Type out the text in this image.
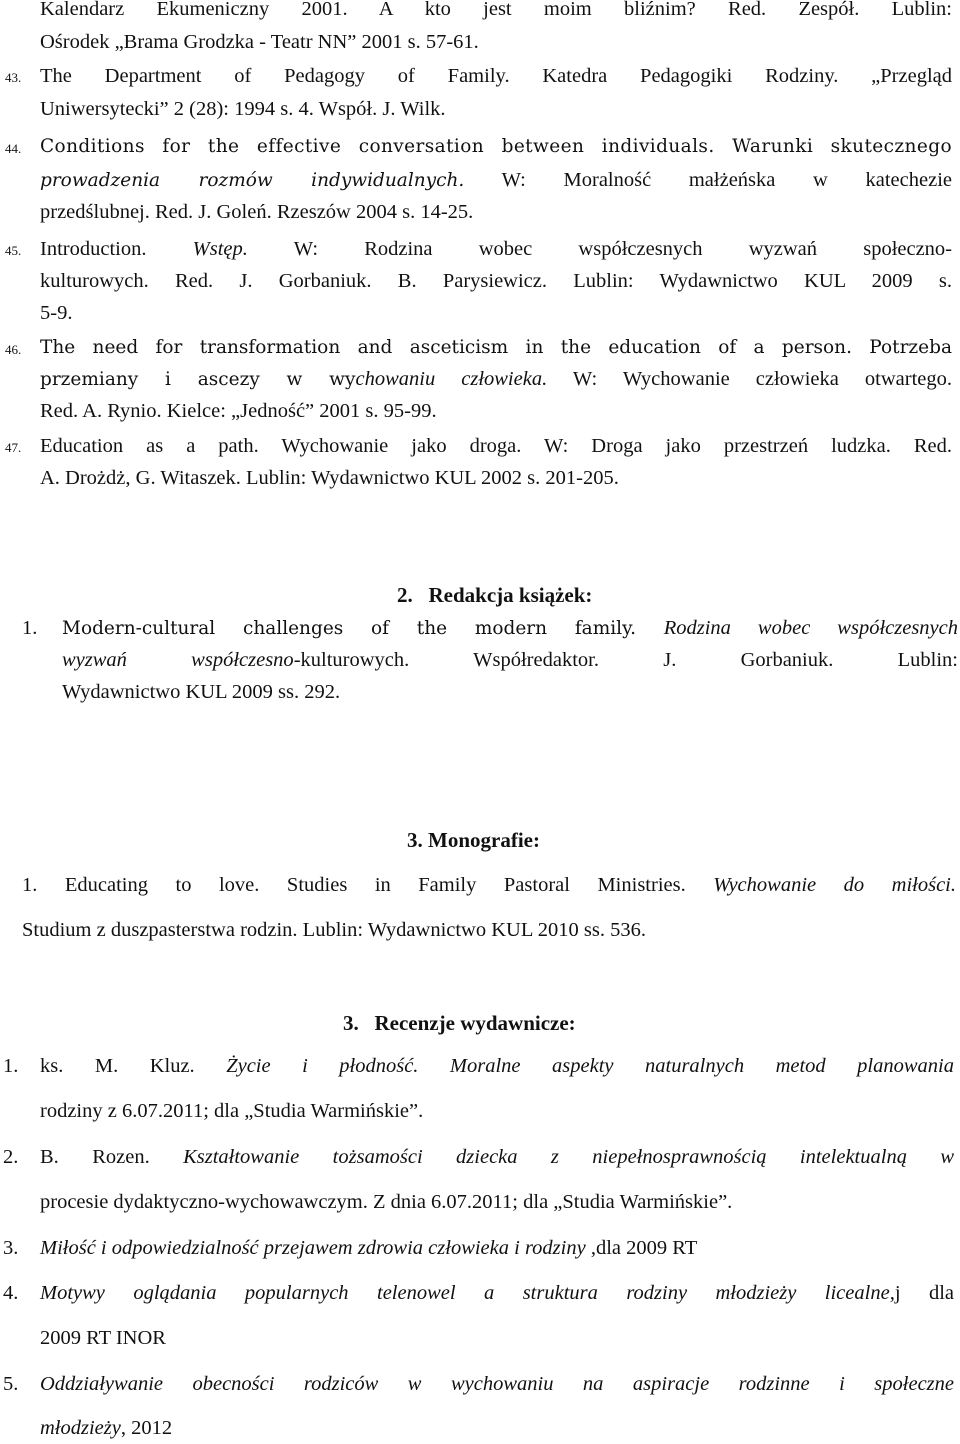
Kalendarz Ekumeniczny 2001. A kto jest moim bliźnim? Red. Zespół. Lublin:
Ośrodek „Brama Grodzka - Teatr NN” 2001 s. 57-61.
43. The Department of Pedagogy of Family. Katedra Pedagogiki Rodziny. „Przegląd
Uniwersytecki” 2 (28): 1994 s. 4. Współ. J. Wilk.
44. Conditions for the effective conversation between individuals. Warunki skutecznego
prowadzenia rozmów indywidualnych. W: Moralność małżeńska w katechezie
przedślubnej. Red. J. Goleń. Rzeszów 2004 s. 14-25.
45. Introduction. Wstęp. W: Rodzina wobec współczesnych wyzwań społeczno-
kulturowych. Red. J. Gorbaniuk. B. Parysiewicz. Lublin: Wydawnictwo KUL 2009 s.
5-9.
46. The need for transformation and asceticism in the education of a person. Potrzeba
przemiany i ascezy w wychowaniu człowieka. W: Wychowanie człowieka otwartego.
Red. A. Rynio. Kielce: „Jedność” 2001 s. 95-99.
47. Education as a path. Wychowanie jako droga. W: Droga jako przestrzeń ludzka. Red.
A. Drożdż, G. Witaszek. Lublin: Wydawnictwo KUL 2002 s. 201-205.
2.   Redakcja książek:
1.	Modern-cultural challenges of the modern family. Rodzina wobec współczesnych
wyzwań współczesno-kulturowych. Współredaktor. J. Gorbaniuk. Lublin:
Wydawnictwo KUL 2009 ss. 292.
3. Monografie:
1. Educating to love. Studies in Family Pastoral Ministries. Wychowanie do miłości.
Studium z duszpasterstwa rodzin. Lublin: Wydawnictwo KUL 2010 ss. 536.
3.   Recenzje wydawnicze:
1.	ks. M. Kluz. Życie i płodność. Moralne aspekty naturalnych metod planowania
rodziny z 6.07.2011; dla „Studia Warmińskie”.
2.	B. Rozen. Kształtowanie tożsamości dziecka z niepełnosprawnością intelektualną w
procesie dydaktyczno-wychowawczym. Z dnia 6.07.2011; dla „Studia Warmińskie”.
3.	Miłość i odpowiedzialność przejawem zdrowia człowieka i rodziny ,dla 2009 RT
4.	Motywy oglądania popularnych telenowel a struktura rodziny młodzieży licealne,j dla
2009 RT INOR
5.	Oddziaływanie obecności rodziców w wychowaniu na aspiracje rodzinne i społeczne
młodzieży, 2012
